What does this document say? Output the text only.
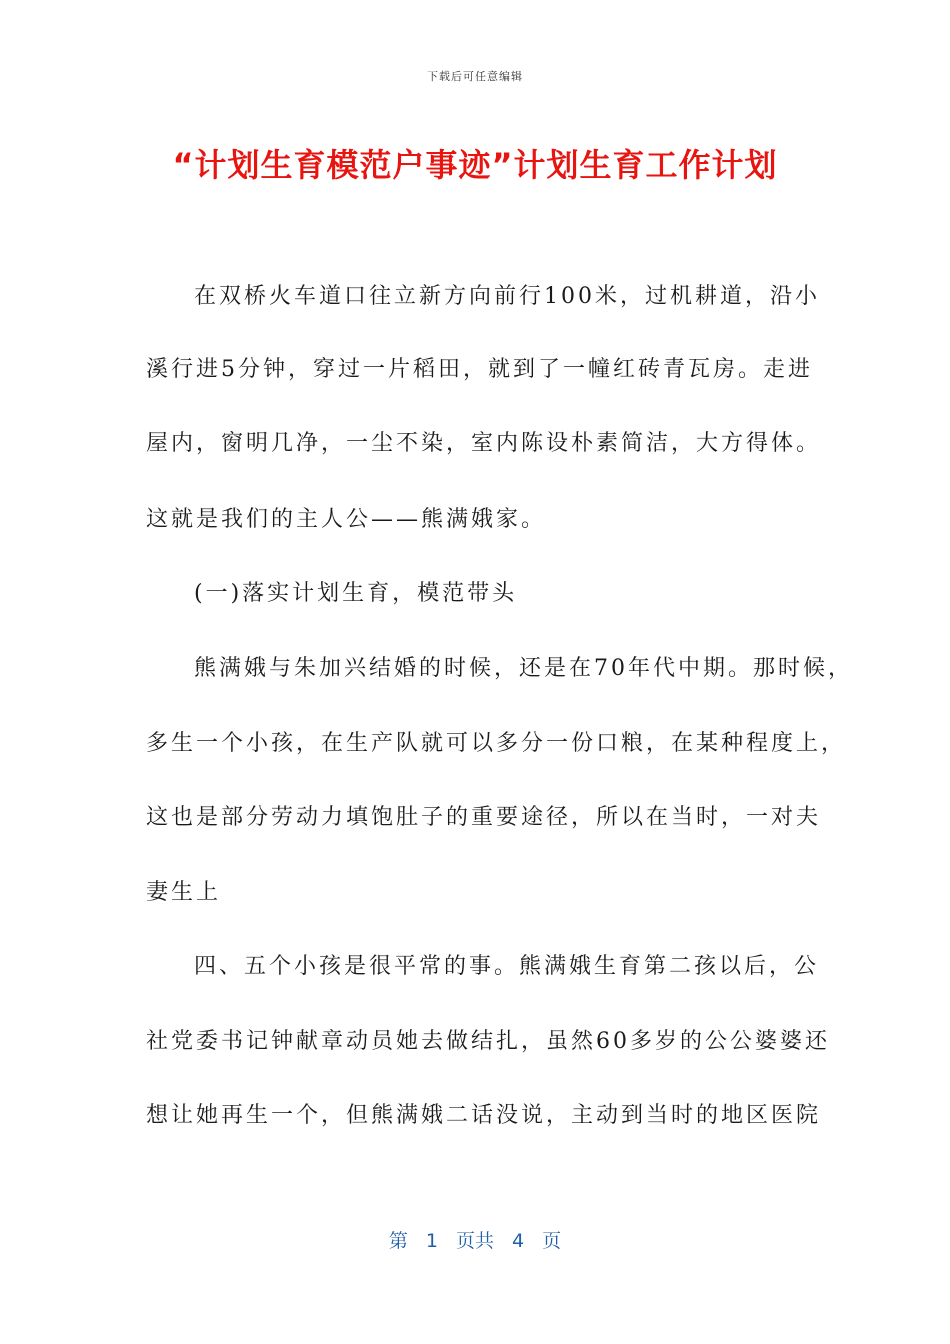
下载后可任意编辑
“计划生育模范户事迹”计划生育工作计划
在双桥火车道口往立新方向前行100米，过机耕道，沿小
溪行进5分钟，穿过一片稻田，就到了一幢红砖青瓦房。走进
屋内，窗明几净，一尘不染，室内陈设朴素简洁，大方得体。
这就是我们的主人公——熊满娥家。
(一)落实计划生育，模范带头
熊满娥与朱加兴结婚的时候，还是在70年代中期。那时候，
多生一个小孩，在生产队就可以多分一份口粮，在某种程度上，
这也是部分劳动力填饱肚子的重要途径，所以在当时，一对夫
妻生上
四、五个小孩是很平常的事。熊满娥生育第二孩以后，公
社党委书记钟献章动员她去做结扎，虽然60多岁的公公婆婆还
想让她再生一个，但熊满娥二话没说，主动到当时的地区医院
第 1 页共 4 页
